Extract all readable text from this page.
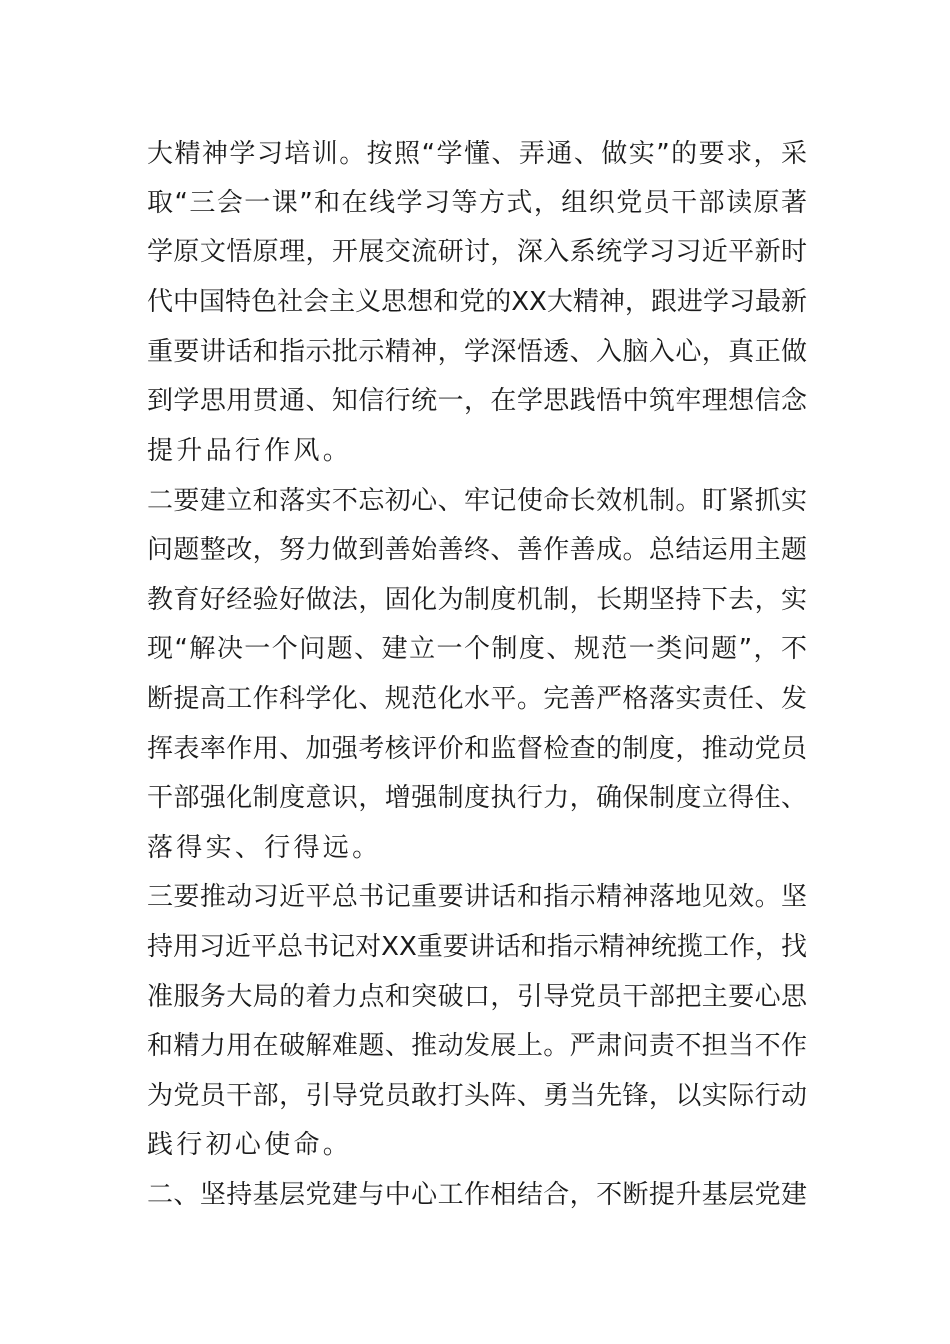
大精神学习培训。按照“学懂、弄通、做实”的要求，采
取“三会一课”和在线学习等方式，组织党员干部读原著
学原文悟原理，开展交流研讨，深入系统学习习近平新时
代中国特色社会主义思想和党的XX大精神，跟进学习最新
重要讲话和指示批示精神，学深悟透、入脑入心，真正做
到学思用贯通、知信行统一，在学思践悟中筑牢理想信念
提升品行作风。
二要建立和落实不忘初心、牢记使命长效机制。盯紧抓实
问题整改，努力做到善始善终、善作善成。总结运用主题
教育好经验好做法，固化为制度机制，长期坚持下去，实
现“解决一个问题、建立一个制度、规范一类问题”，不
断提高工作科学化、规范化水平。完善严格落实责任、发
挥表率作用、加强考核评价和监督检查的制度，推动党员
干部强化制度意识，增强制度执行力，确保制度立得住、
落得实、行得远。
三要推动习近平总书记重要讲话和指示精神落地见效。坚
持用习近平总书记对XX重要讲话和指示精神统揽工作，找
准服务大局的着力点和突破口，引导党员干部把主要心思
和精力用在破解难题、推动发展上。严肃问责不担当不作
为党员干部，引导党员敢打头阵、勇当先锋，以实际行动
践行初心使命。
二、坚持基层党建与中心工作相结合，不断提升基层党建
